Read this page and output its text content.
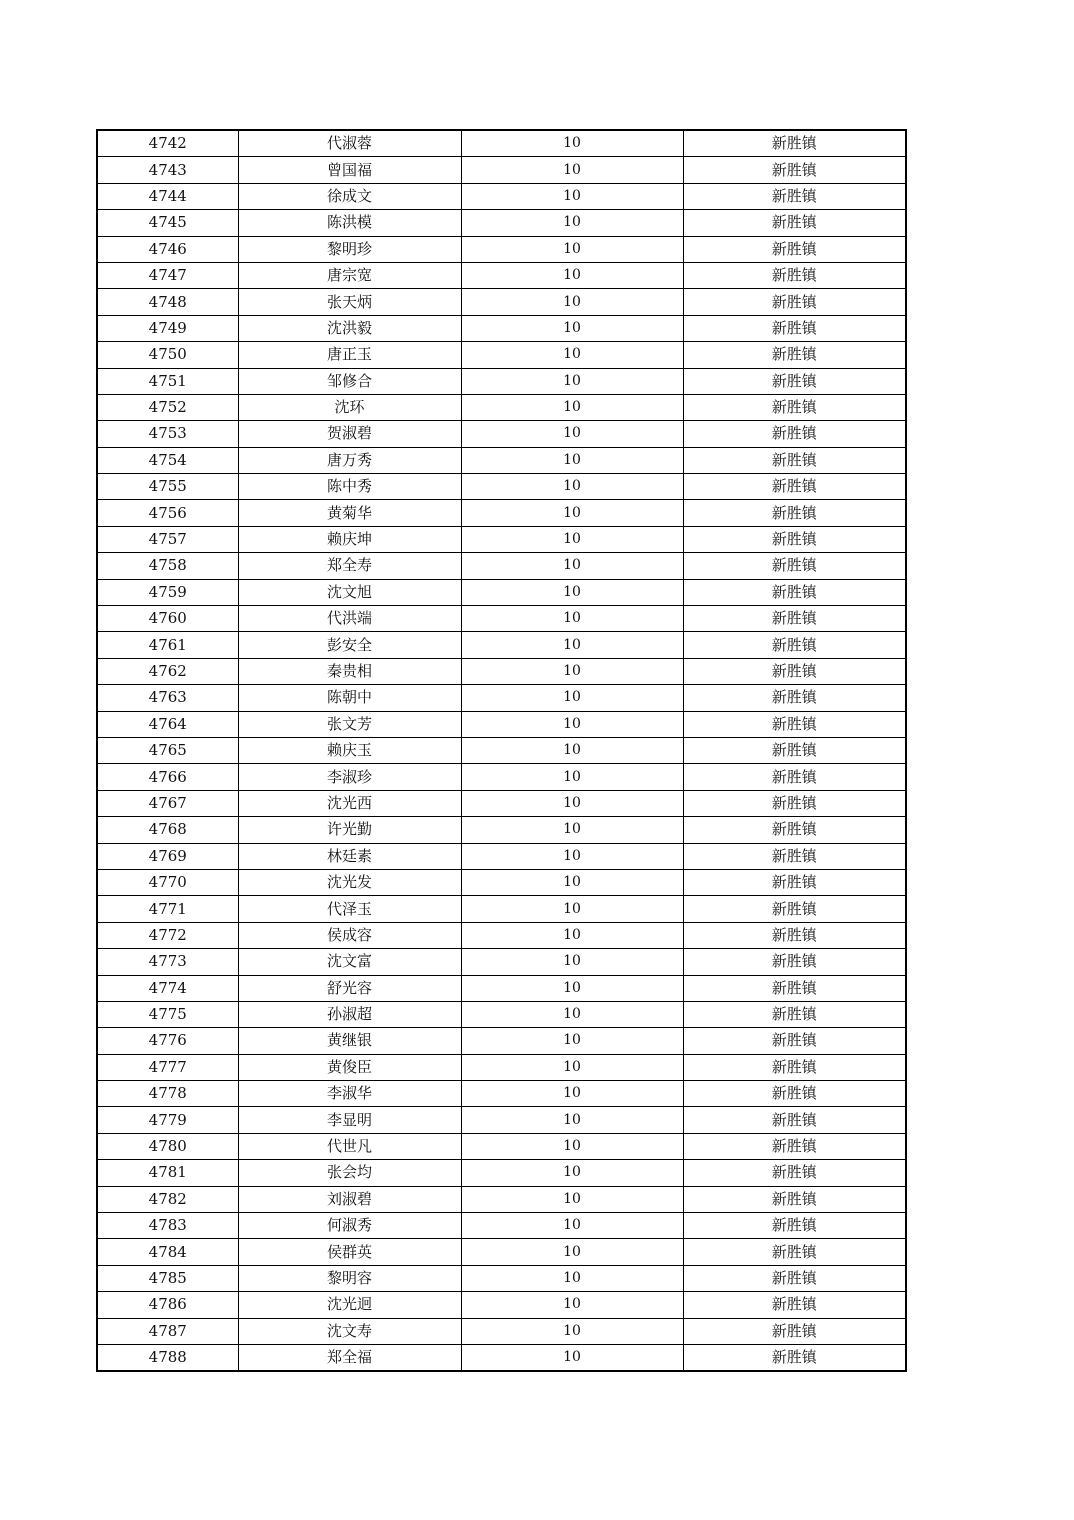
4742	代淑蓉	10	新胜镇
4743	曾国福	10	新胜镇
4744	徐成文	10	新胜镇
4745	陈洪模	10	新胜镇
4746	黎明珍	10	新胜镇
4747	唐宗宽	10	新胜镇
4748	张天炳	10	新胜镇
4749	沈洪毅	10	新胜镇
4750	唐正玉	10	新胜镇
4751	邹修合	10	新胜镇
4752	沈环	10	新胜镇
4753	贺淑碧	10	新胜镇
4754	唐万秀	10	新胜镇
4755	陈中秀	10	新胜镇
4756	黄菊华	10	新胜镇
4757	赖庆坤	10	新胜镇
4758	郑全寿	10	新胜镇
4759	沈文旭	10	新胜镇
4760	代洪端	10	新胜镇
4761	彭安全	10	新胜镇
4762	秦贵相	10	新胜镇
4763	陈朝中	10	新胜镇
4764	张文芳	10	新胜镇
4765	赖庆玉	10	新胜镇
4766	李淑珍	10	新胜镇
4767	沈光西	10	新胜镇
4768	许光勤	10	新胜镇
4769	林廷素	10	新胜镇
4770	沈光发	10	新胜镇
4771	代泽玉	10	新胜镇
4772	侯成容	10	新胜镇
4773	沈文富	10	新胜镇
4774	舒光容	10	新胜镇
4775	孙淑超	10	新胜镇
4776	黄继银	10	新胜镇
4777	黄俊臣	10	新胜镇
4778	李淑华	10	新胜镇
4779	李显明	10	新胜镇
4780	代世凡	10	新胜镇
4781	张会均	10	新胜镇
4782	刘淑碧	10	新胜镇
4783	何淑秀	10	新胜镇
4784	侯群英	10	新胜镇
4785	黎明容	10	新胜镇
4786	沈光迥	10	新胜镇
4787	沈文寿	10	新胜镇
4788	郑全福	10	新胜镇
